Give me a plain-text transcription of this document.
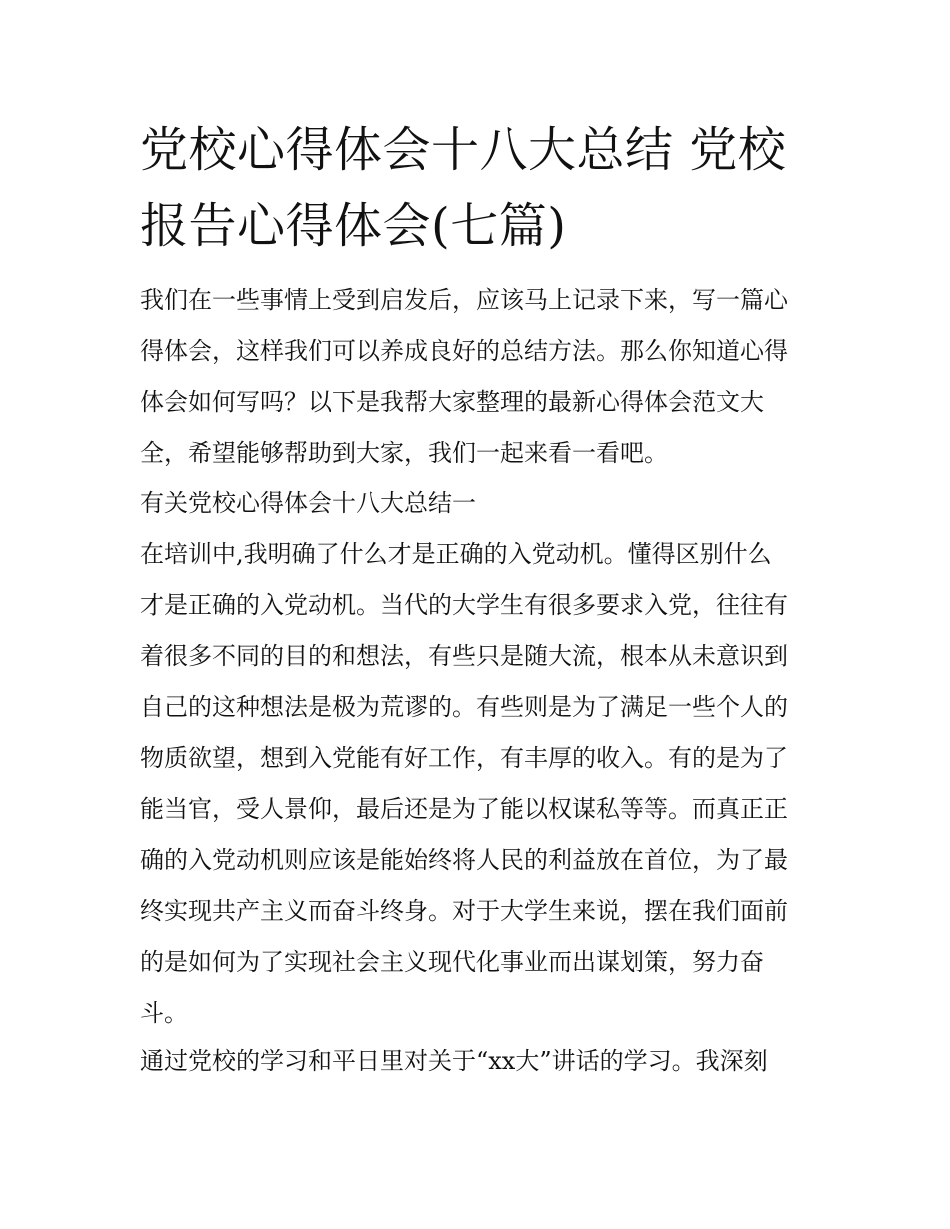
党校心得体会十八大总结 党校
报告心得体会(七篇)

我们在一些事情上受到启发后，应该马上记录下来，写一篇心
得体会，这样我们可以养成良好的总结方法。那么你知道心得
体会如何写吗？以下是我帮大家整理的最新心得体会范文大
全，希望能够帮助到大家，我们一起来看一看吧。

有关党校心得体会十八大总结一

在培训中,我明确了什么才是正确的入党动机。懂得区别什么
才是正确的入党动机。当代的大学生有很多要求入党，往往有
着很多不同的目的和想法，有些只是随大流，根本从未意识到
自己的这种想法是极为荒谬的。有些则是为了满足一些个人的
物质欲望，想到入党能有好工作，有丰厚的收入。有的是为了
能当官，受人景仰，最后还是为了能以权谋私等等。而真正正
确的入党动机则应该是能始终将人民的利益放在首位，为了最
终实现共产主义而奋斗终身。对于大学生来说，摆在我们面前
的是如何为了实现社会主义现代化事业而出谋划策，努力奋
斗。

通过党校的学习和平日里对关于“xx大”讲话的学习。我深刻
